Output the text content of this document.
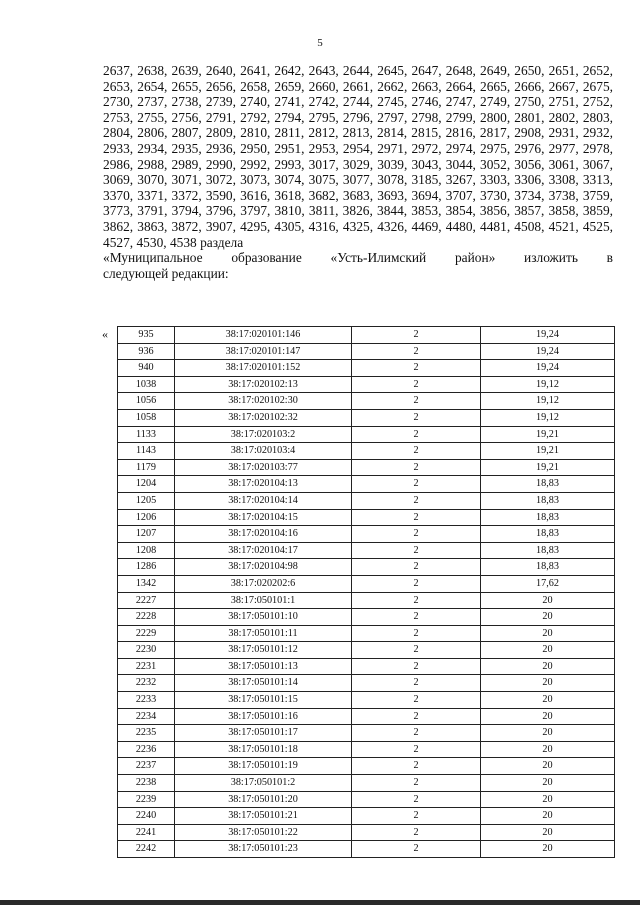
5
2637, 2638, 2639, 2640, 2641, 2642, 2643, 2644, 2645, 2647, 2648, 2649, 2650, 2651, 2652, 2653, 2654, 2655, 2656, 2658, 2659, 2660, 2661, 2662, 2663, 2664, 2665, 2666, 2667, 2675, 2730, 2737, 2738, 2739, 2740, 2741, 2742, 2744, 2745, 2746, 2747, 2749, 2750, 2751, 2752, 2753, 2755, 2756, 2791, 2792, 2794, 2795, 2796, 2797, 2798, 2799, 2800, 2801, 2802, 2803, 2804, 2806, 2807, 2809, 2810, 2811, 2812, 2813, 2814, 2815, 2816, 2817, 2908, 2931, 2932, 2933, 2934, 2935, 2936, 2950, 2951, 2953, 2954, 2971, 2972, 2974, 2975, 2976, 2977, 2978, 2986, 2988, 2989, 2990, 2992, 2993, 3017, 3029, 3039, 3043, 3044, 3052, 3056, 3061, 3067, 3069, 3070, 3071, 3072, 3073, 3074, 3075, 3077, 3078, 3185, 3267, 3303, 3306, 3308, 3313, 3370, 3371, 3372, 3590, 3616, 3618, 3682, 3683, 3693, 3694, 3707, 3730, 3734, 3738, 3759, 3773, 3791, 3794, 3796, 3797, 3810, 3811, 3826, 3844, 3853, 3854, 3856, 3857, 3858, 3859, 3862, 3863, 3872, 3907, 4295, 4305, 4316, 4325, 4326, 4469, 4480, 4481, 4508, 4521, 4525, 4527, 4530, 4538 раздела
«Муниципальное образование «Усть-Илимский район» изложить в
следующей редакции:
«	935	38:17:020101:146	2	19,24
936	38:17:020101:147	2	19,24
940	38:17:020101:152	2	19,24
1038	38:17:020102:13	2	19,12
1056	38:17:020102:30	2	19,12
1058	38:17:020102:32	2	19,12
1133	38:17:020103:2	2	19,21
1143	38:17:020103:4	2	19,21
1179	38:17:020103:77	2	19,21
1204	38:17:020104:13	2	18,83
1205	38:17:020104:14	2	18,83
1206	38:17:020104:15	2	18,83
1207	38:17:020104:16	2	18,83
1208	38:17:020104:17	2	18,83
1286	38:17:020104:98	2	18,83
1342	38:17:020202:6	2	17,62
2227	38:17:050101:1	2	20
2228	38:17:050101:10	2	20
2229	38:17:050101:11	2	20
2230	38:17:050101:12	2	20
2231	38:17:050101:13	2	20
2232	38:17:050101:14	2	20
2233	38:17:050101:15	2	20
2234	38:17:050101:16	2	20
2235	38:17:050101:17	2	20
2236	38:17:050101:18	2	20
2237	38:17:050101:19	2	20
2238	38:17:050101:2	2	20
2239	38:17:050101:20	2	20
2240	38:17:050101:21	2	20
2241	38:17:050101:22	2	20
2242	38:17:050101:23	2	20
